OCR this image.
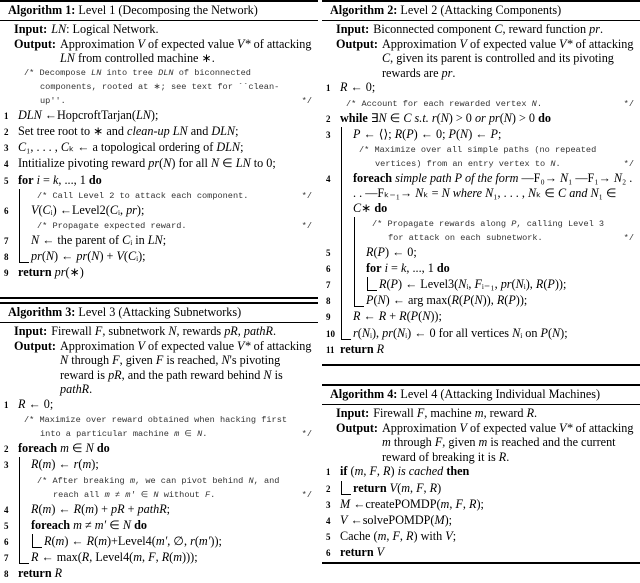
Algorithm 1: Level 1 (Decomposing the Network)
Input: LN: Logical Network.
Output: Approximation V of expected value V* of attacking LN from controlled machine ∗.
/* Decompose LN into tree DLN of biconnected components, rooted at ∗; see text for ``clean-up''.	*/
1 DLN ←HopcroftTarjan(LN);
2 Set tree root to ∗ and clean-up LN and DLN;
3 C₁, . . . , Cₖ ← a topological ordering of DLN;
4 Intitialize pivoting reward pr(N) for all N ∈ LN to 0;
5 for i = k, ..., 1 do
/* Call Level 2 to attack each component.	*/
6	V(Cᵢ) ←Level2(Cᵢ, pr);
/* Propagate expected reward.	*/
7	N ← the parent of Cᵢ in LN;
8	pr(N) ← pr(N) + V(Cᵢ);
9 return pr(∗)
Algorithm 2: Level 2 (Attacking Components)
Input: Biconnected component C, reward function pr.
Output: Approximation V of expected value V* of attacking C, given its parent is controlled and its pivoting rewards are pr.
1 R ← 0;
/* Account for each rewarded vertex N.	*/
2 while ∃N ∈ C s.t. r(N) > 0 or pr(N) > 0 do
3	P ← ⟨⟩; R(P) ← 0; P(N) ← P;
/* Maximize over all simple paths (no repeated vertices) from an entry vertex to N.	*/
4	foreach simple path P of the form —F₀→ N₁ —F₁→ N₂ . . . —Fₖ₋₁→ Nₖ = N where N₁, . . . , Nₖ ∈ C and N₁ ∈ C∗ do
/* Propagate rewards along P, calling Level 3 for attack on each subnetwork.	*/
5	R(P) ← 0;
6	for i = k, ..., 1 do
7	R(P) ← Level3(Nᵢ, Fᵢ₋₁, pr(Nᵢ), R(P));
8	P(N) ← arg max(R(P(N)), R(P));
9	R ← R + R(P(N));
10 r(Nᵢ), pr(Nᵢ) ← 0 for all vertices Nᵢ on P(N);
11 return R
Algorithm 3: Level 3 (Attacking Subnetworks)
Input: Firewall F, subnetwork N, rewards pR, pathR.
Output: Approximation V of expected value V* of attacking N through F, given F is reached, N's pivoting reward is pR, and the path reward behind N is pathR.
1 R ← 0;
/* Maximize over reward obtained when hacking first into a particular machine m ∈ N.	*/
2 foreach m ∈ N do
3	R(m) ← r(m);
/* After breaking m, we can pivot behind N, and reach all m ≠ m′ ∈ N without F.	*/
4	R(m) ← R(m) + pR + pathR;
5	foreach m ≠ m′ ∈ N do
6	R(m) ← R(m)+Level4(m′, ∅, r(m′));
7	R ← max(R, Level4(m, F, R(m)));
8 return R
Algorithm 4: Level 4 (Attacking Individual Machines)
Input: Firewall F, machine m, reward R.
Output: Approximation V of expected value V* of attacking m through F, given m is reached and the current reward of breaking it is R.
1 if (m, F, R) is cached then
2	return V(m, F, R)
3 M ←createPOMDP(m, F, R);
4 V ←solvePOMDP(M);
5 Cache (m, F, R) with V;
6 return V
